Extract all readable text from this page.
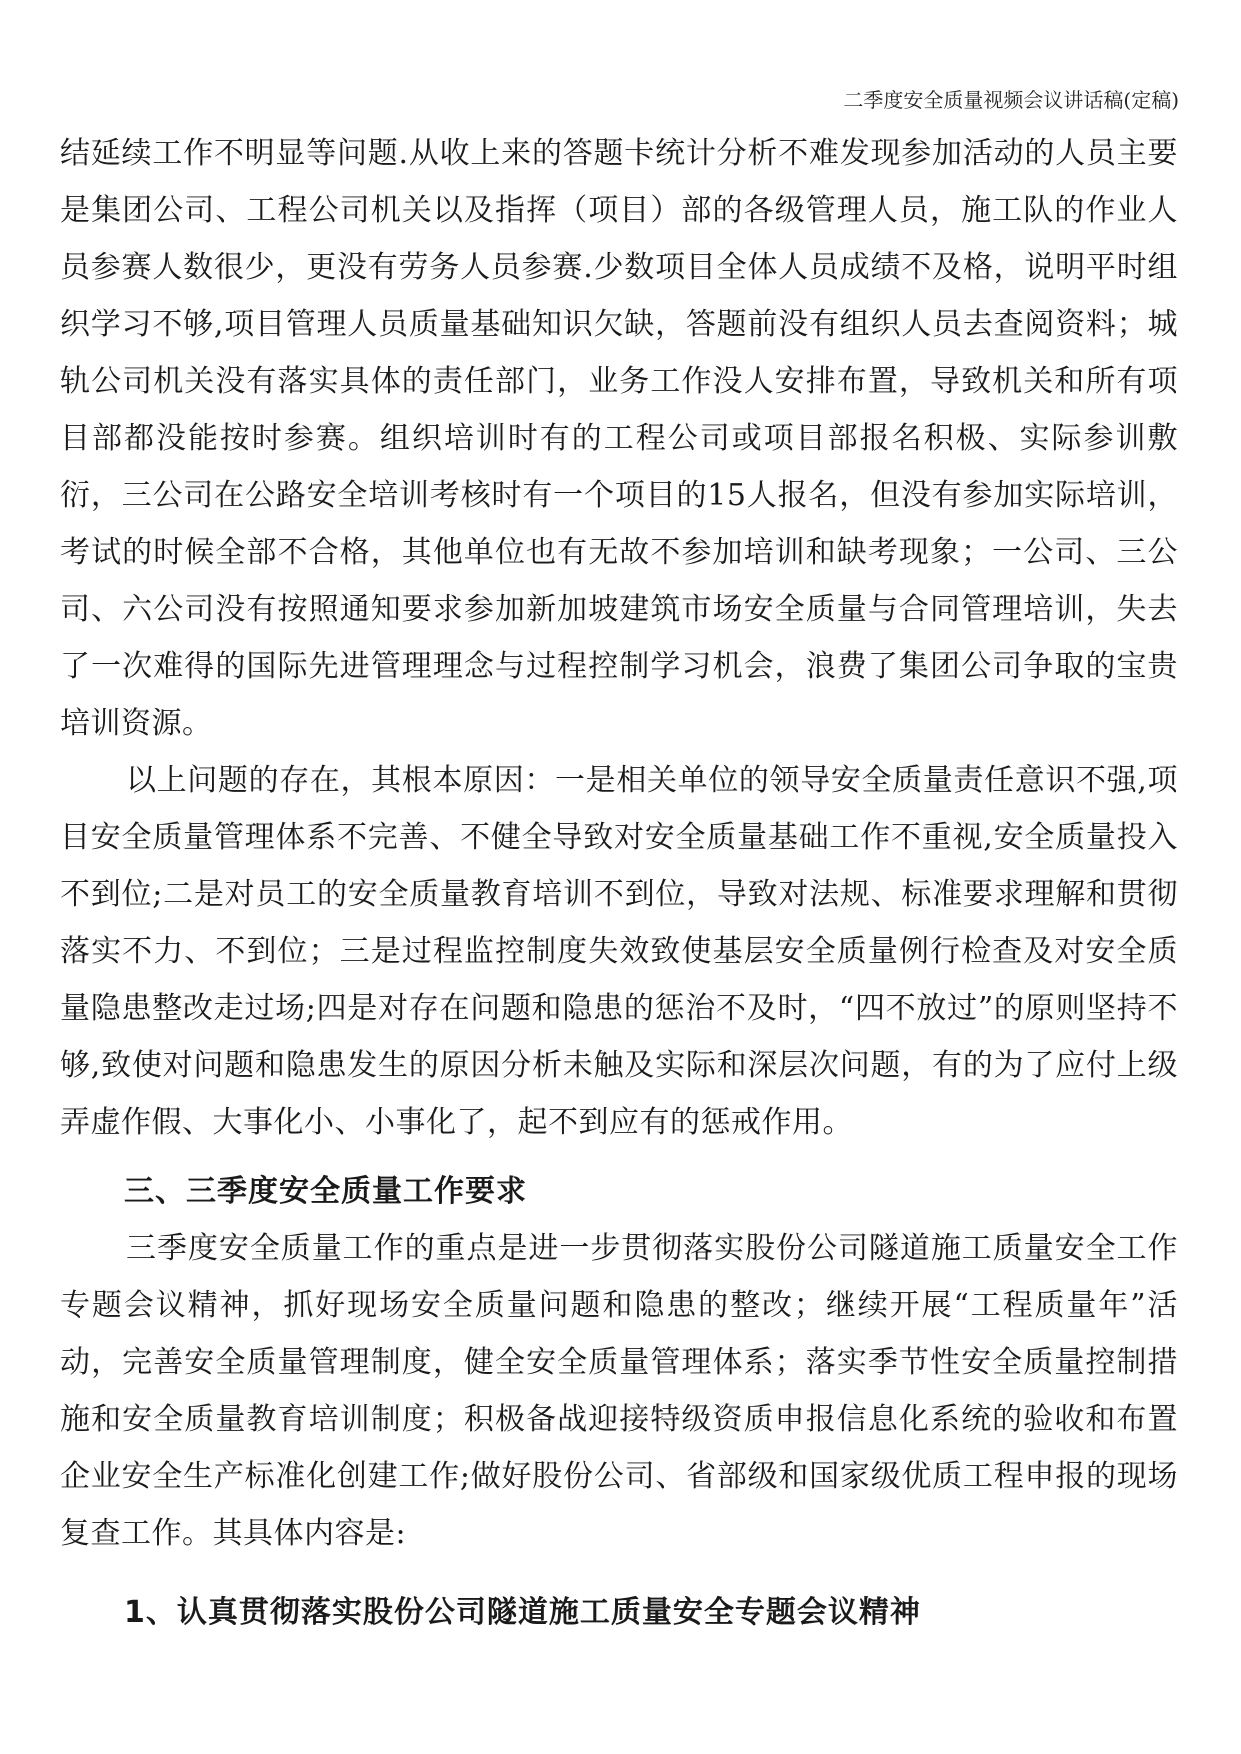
二季度安全质量视频会议讲话稿(定稿)

结延续工作不明显等问题.从收上来的答题卡统计分析不难发现参加活动的人员主要是集团公司、工程公司机关以及指挥（项目）部的各级管理人员，施工队的作业人员参赛人数很少，更没有劳务人员参赛.少数项目全体人员成绩不及格，说明平时组织学习不够,项目管理人员质量基础知识欠缺，答题前没有组织人员去查阅资料；城轨公司机关没有落实具体的责任部门，业务工作没人安排布置，导致机关和所有项目部都没能按时参赛。组织培训时有的工程公司或项目部报名积极、实际参训敷衍，三公司在公路安全培训考核时有一个项目的15人报名，但没有参加实际培训，考试的时候全部不合格，其他单位也有无故不参加培训和缺考现象；一公司、三公司、六公司没有按照通知要求参加新加坡建筑市场安全质量与合同管理培训，失去了一次难得的国际先进管理理念与过程控制学习机会，浪费了集团公司争取的宝贵培训资源。

以上问题的存在，其根本原因：一是相关单位的领导安全质量责任意识不强,项目安全质量管理体系不完善、不健全导致对安全质量基础工作不重视,安全质量投入不到位;二是对员工的安全质量教育培训不到位，导致对法规、标准要求理解和贯彻落实不力、不到位；三是过程监控制度失效致使基层安全质量例行检查及对安全质量隐患整改走过场;四是对存在问题和隐患的惩治不及时，“四不放过”的原则坚持不够,致使对问题和隐患发生的原因分析未触及实际和深层次问题，有的为了应付上级弄虚作假、大事化小、小事化了，起不到应有的惩戒作用。

三、三季度安全质量工作要求

三季度安全质量工作的重点是进一步贯彻落实股份公司隧道施工质量安全工作专题会议精神，抓好现场安全质量问题和隐患的整改；继续开展“工程质量年”活动，完善安全质量管理制度，健全安全质量管理体系；落实季节性安全质量控制措施和安全质量教育培训制度；积极备战迎接特级资质申报信息化系统的验收和布置企业安全生产标准化创建工作;做好股份公司、省部级和国家级优质工程申报的现场复查工作。其具体内容是:

1、认真贯彻落实股份公司隧道施工质量安全专题会议精神
